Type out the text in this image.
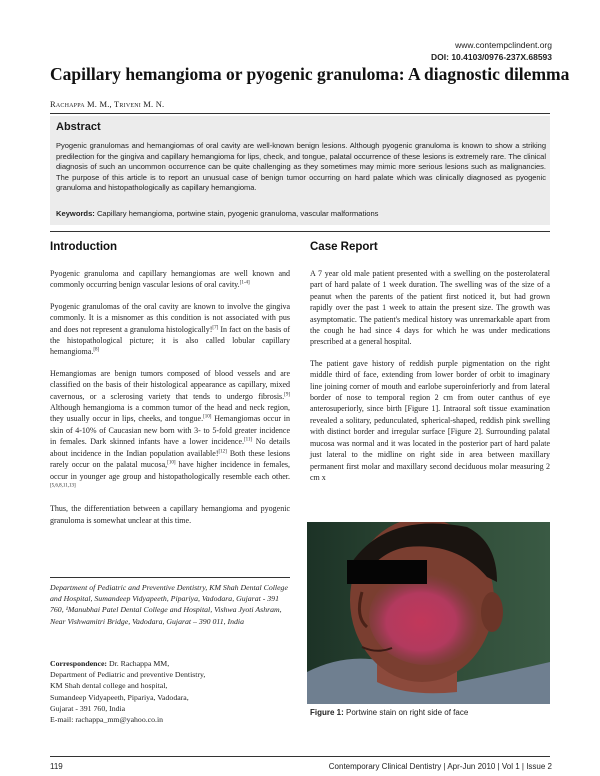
www.contempclindent.org
DOI: 10.4103/0976-237X.68593
Capillary hemangioma or pyogenic granuloma: A diagnostic dilemma
Rachappa M. M., Triveni M. N.
Abstract
Pyogenic granulomas and hemangiomas of oral cavity are well-known benign lesions. Although pyogenic granuloma is known to show a striking predilection for the gingiva and capillary hemangioma for lips, check, and tongue, palatal occurrence of these lesions is extremely rare. The clinical diagnosis of such an uncommon occurrence can be quite challenging as they sometimes may mimic more serious lesions such as malignancies. The purpose of this article is to report an unusual case of benign tumor occurring on hard palate which was clinically diagnosed as pyogenic granuloma and histopathologically as capillary hemangioma.
Keywords: Capillary hemangioma, portwine stain, pyogenic granuloma, vascular malformations
Introduction

Pyogenic granuloma and capillary hemangiomas are well known and commonly occurring benign vascular lesions of oral cavity.[1-4]

Pyogenic granulomas of the oral cavity are known to involve the gingiva commonly. It is a misnomer as this condition is not associated with pus and does not represent a granuloma histologically![7] In fact on the basis of the histopathological picture; it is also called lobular capillary hemangioma.[8]

Hemangiomas are benign tumors composed of blood vessels and are classified on the basis of their histological appearance as capillary, mixed cavernous, or a sclerosing variety that tends to undergo fibrosis.[9] Although hemangioma is a common tumor of the head and neck region, they usually occur in lips, cheeks, and tongue.[10] Hemangiomas occur in skin of 4-10% of Caucasian new born with 3- to 5-fold greater incidence in females. Dark skinned infants have a lower incidence.[11] No details about incidence in the Indian population available![12] Both these lesions rarely occur on the palatal mucosa,[10] have higher incidence in females, occur in younger age group and histopathologically resemble each other.[5,6,8,11,13]

Thus, the differentiation between a capillary hemangioma and pyogenic granuloma is somewhat unclear at this time.

Department of Pediatric and Preventive Dentistry, KM Shah Dental College and Hospital, Sumandeep Vidyapeeth, Pipariya, Vadodara, Gujarat - 391 760, ¹Manubhai Patel Dental College and Hospital, Vishwa Jyoti Ashram, Near Vishwamitri Bridge, Vadodara, Gujarat – 390 011, India
Correspondence: Dr. Rachappa MM,
Department of Pediatric and preventive Dentistry,
KM Shah dental college and hospital,
Sumandeep Vidyapeeth, Pipariya, Vadodara,
Gujarat - 391 760, India
E-mail: rachappa_mm@yahoo.co.in
Case Report

A 7 year old male patient presented with a swelling on the posterolateral part of hard palate of 1 week duration. The swelling was of the size of a peanut when the parents of the patient first noticed it, but had grown rapidly over the past 1 week to attain the present size. The growth was asymptomatic. The patient's medical history was unremarkable apart from the cough he had since 4 days for which he was under medications prescribed at a general hospital.

The patient gave history of reddish purple pigmentation on the right middle third of face, extending from lower border of orbit to imaginary line joining corner of mouth and earlobe superoinferiorly and from lateral border of nose to temporal region 2 cm from outer canthus of eye anterosuperiorly, since birth [Figure 1]. Intraoral soft tissue examination revealed a solitary, pedunculated, spherical-shaped, reddish pink swelling with distinct border and irregular surface [Figure 2]. Surrounding palatal mucosa was normal and it was located in the posterior part of hard palate just lateral to the midline on right side in area between maxillary permanent first molar and maxillary second deciduous molar measuring 2 cm x

Figure 1: Portwine stain on right side of face
119	Contemporary Clinical Dentistry | Apr-Jun 2010 | Vol 1 | Issue 2
